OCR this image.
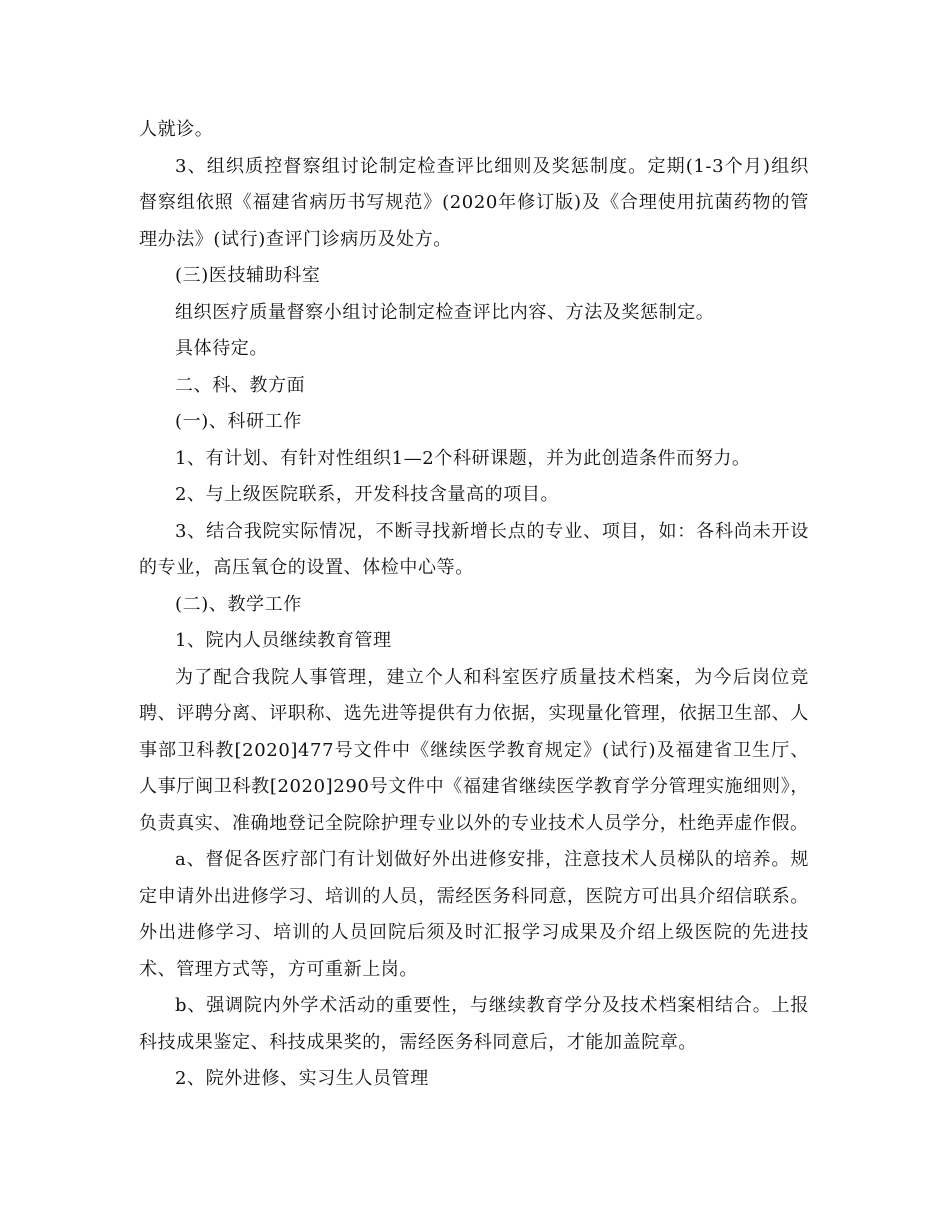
人就诊。

3、组织质控督察组讨论制定检查评比细则及奖惩制度。定期(1-3个月)组织督察组依照《福建省病历书写规范》(2020年修订版)及《合理使用抗菌药物的管理办法》(试行)查评门诊病历及处方。

(三)医技辅助科室

组织医疗质量督察小组讨论制定检查评比内容、方法及奖惩制定。

具体待定。

二、科、教方面

(一)、科研工作

1、有计划、有针对性组织1—2个科研课题，并为此创造条件而努力。

2、与上级医院联系，开发科技含量高的项目。

3、结合我院实际情况，不断寻找新增长点的专业、项目，如：各科尚未开设的专业，高压氧仓的设置、体检中心等。

(二)、教学工作

1、院内人员继续教育管理

为了配合我院人事管理，建立个人和科室医疗质量技术档案，为今后岗位竞聘、评聘分离、评职称、选先进等提供有力依据，实现量化管理，依据卫生部、人事部卫科教[2020]477号文件中《继续医学教育规定》(试行)及福建省卫生厅、人事厅闽卫科教[2020]290号文件中《福建省继续医学教育学分管理实施细则》，负责真实、准确地登记全院除护理专业以外的专业技术人员学分，杜绝弄虚作假。

a、督促各医疗部门有计划做好外出进修安排，注意技术人员梯队的培养。规定申请外出进修学习、培训的人员，需经医务科同意，医院方可出具介绍信联系。外出进修学习、培训的人员回院后须及时汇报学习成果及介绍上级医院的先进技术、管理方式等，方可重新上岗。

b、强调院内外学术活动的重要性，与继续教育学分及技术档案相结合。上报科技成果鉴定、科技成果奖的，需经医务科同意后，才能加盖院章。

2、院外进修、实习生人员管理
